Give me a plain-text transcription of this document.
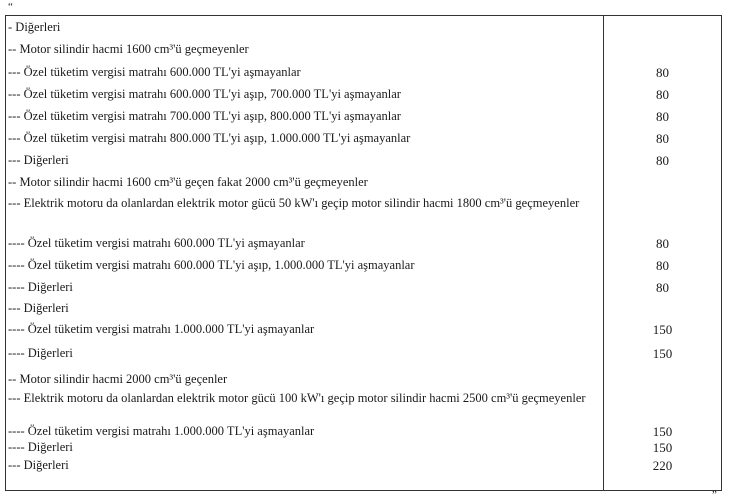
“
- Diğerleri
-- Motor silindir hacmi 1600 cm³'ü geçmeyenler
--- Özel tüketim vergisi matrahı 600.000 TL'yi aşmayanlar	80
--- Özel tüketim vergisi matrahı 600.000 TL'yi aşıp, 700.000 TL'yi aşmayanlar	80
--- Özel tüketim vergisi matrahı 700.000 TL'yi aşıp, 800.000 TL'yi aşmayanlar	80
--- Özel tüketim vergisi matrahı 800.000 TL'yi aşıp, 1.000.000 TL'yi aşmayanlar	80
--- Diğerleri	80
-- Motor silindir hacmi 1600 cm³'ü geçen fakat 2000 cm³'ü geçmeyenler
--- Elektrik motoru da olanlardan elektrik motor gücü 50 kW'ı geçip motor silindir hacmi 1800 cm³'ü geçmeyenler
---- Özel tüketim vergisi matrahı 600.000 TL'yi aşmayanlar	80
---- Özel tüketim vergisi matrahı 600.000 TL'yi aşıp, 1.000.000 TL'yi aşmayanlar	80
---- Diğerleri	80
--- Diğerleri
---- Özel tüketim vergisi matrahı 1.000.000 TL'yi aşmayanlar	150
---- Diğerleri	150
-- Motor silindir hacmi 2000 cm³'ü geçenler
--- Elektrik motoru da olanlardan elektrik motor gücü 100 kW'ı geçip motor silindir hacmi 2500 cm³'ü geçmeyenler
---- Özel tüketim vergisi matrahı 1.000.000 TL'yi aşmayanlar	150
---- Diğerleri	150
--- Diğerleri	220
”
